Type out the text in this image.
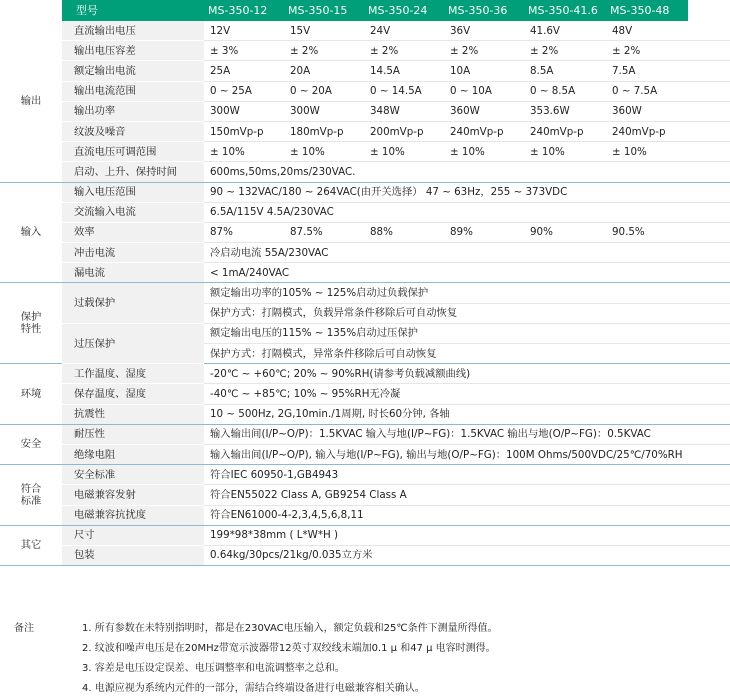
	型号	MS-350-12	MS-350-15	MS-350-24	MS-350-36	MS-350-41.6	MS-350-48	

输出	直流输出电压	12V	15V	24V	36V	41.6V	48V	
	输出电压容差	± 3%	± 2%	± 2%	± 2%	± 2%	± 2%	
	额定输出电流	25A	20A	14.5A	10A	8.5A	7.5A	
	输出电流范围	0 ~ 25A	0 ~ 20A	0 ~ 14.5A	0 ~ 10A	0 ~ 8.5A	0 ~ 7.5A	
	输出功率	300W	300W	348W	360W	353.6W	360W	
	纹波及噪音	150mVp-p	180mVp-p	200mVp-p	240mVp-p	240mVp-p	240mVp-p	
	直流电压可调范围	± 10%	± 10%	± 10%	± 10%	± 10%	± 10%	
	启动、上升、保持时间	600ms,50ms,20ms/230VAC.						

输入	输入电压范围	90 ~ 132VAC/180 ~ 264VAC(由开关选择） 47 ~ 63Hz，255 ~ 373VDC						
	交流输入电流	6.5A/115V 4.5A/230VAC						
	效率	87%	87.5%	88%	89%	90%	90.5%	
	冲击电流	冷启动电流 55A/230VAC						
	漏电流	< 1mA/240VAC						

保护
特性	过载保护	额定输出功率的105% ~ 125%启动过负载保护						
		保护方式：打隔模式，负载异常条件移除后可自动恢复						
	过压保护	额定输出电压的115% ~ 135%启动过压保护						
		保护方式：打隔模式，异常条件移除后可自动恢复						

环境	工作温度、湿度	-20℃ ~ +60℃; 20% ~ 90%RH(请参考负载减额曲线)						
	保存温度、湿度	-40℃ ~ +85℃; 10% ~ 95%RH无冷凝						
	抗震性	10 ~ 500Hz, 2G,10min./1周期, 时长60分钟, 各轴						

安全	耐压性	输入输出间(I/P~O/P)：1.5KVAC 输入与地(I/P~FG)：1.5KVAC 输出与地(O/P~FG)：0.5KVAC						
	绝缘电阻	输入输出间(I/P~O/P), 输入与地(I/P~FG), 输出与地(O/P~FG)：100M Ohms/500VDC/25℃/70%RH						

符合
标准	安全标准	符合IEC 60950-1,GB4943						
	电磁兼容发射	符合EN55022 Class A, GB9254 Class A						
	电磁兼容抗扰度	符合EN61000-4-2,3,4,5,6,8,11						

其它	尺寸	199*98*38mm ( L*W*H )						
	包装	0.64kg/30pcs/21kg/0.035立方米						
备注	1. 所有参数在未特别指明时，都是在230VAC电压输入，额定负载和25℃条件下测量所得值。
2. 纹波和噪声电压是在20MHz带宽示波器带12英寸双绞线末端加0.1 μ 和47 μ 电容时测得。
3. 容差是电压设定误差、电压调整率和电流调整率之总和。
4. 电源应视为系统内元件的一部分，需结合终端设备进行电磁兼容相关确认。
